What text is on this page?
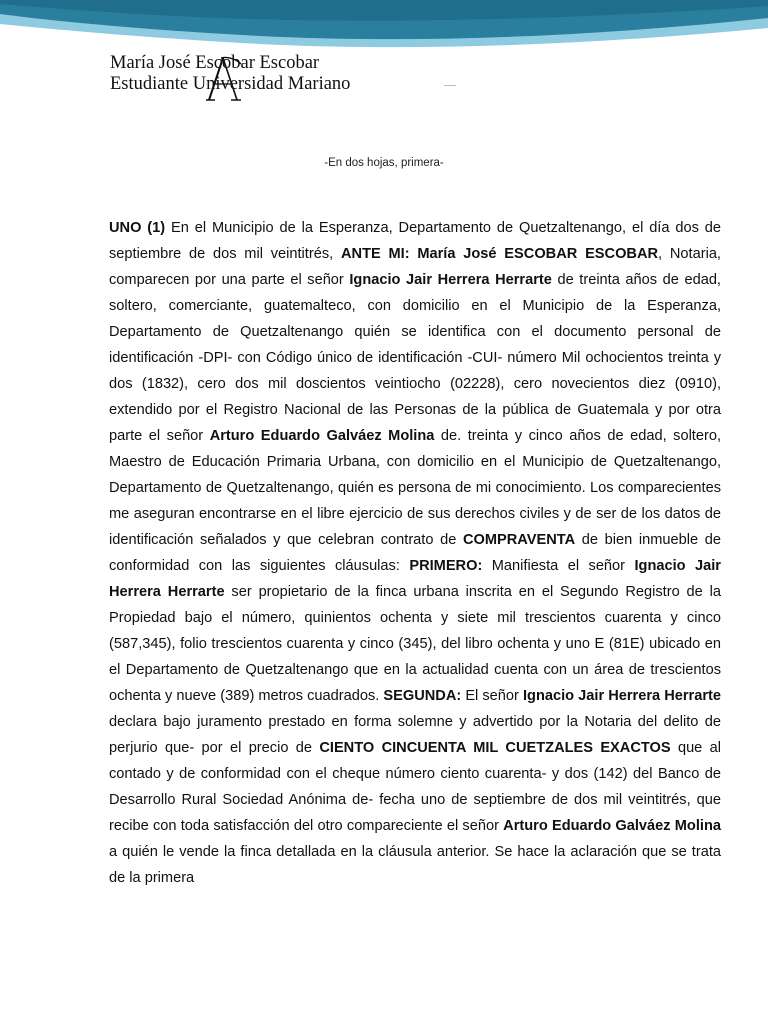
María José Escobar Escobar
Estudiante Universidad Mariano
-En dos hojas, primera-
UNO (1) En el Municipio de la Esperanza, Departamento de Quetzaltenango, el día dos de septiembre de dos mil veintitrés, ANTE MI: María José ESCOBAR ESCOBAR, Notaria, comparecen por una parte el señor Ignacio Jair Herrera Herrarte de treinta años de edad, soltero, comerciante, guatemalteco, con domicilio en el Municipio de la Esperanza, Departamento de Quetzaltenango quién se identifica con el documento personal de identificación -DPI- con Código único de identificación -CUI- número Mil ochocientos treinta y dos (1832), cero dos mil doscientos veintiocho (02228), cero novecientos diez (0910), extendido por el Registro Nacional de las Personas de la pública de Guatemala y por otra parte el señor Arturo Eduardo Galváez Molina de. treinta y cinco años de edad, soltero, Maestro de Educación Primaria Urbana, con domicilio en el Municipio de Quetzaltenango, Departamento de Quetzaltenango, quién es persona de mi conocimiento. Los comparecientes me aseguran encontrarse en el libre ejercicio de sus derechos civiles y de ser de los datos de identificación señalados y que celebran contrato de COMPRAVENTA de bien inmueble de conformidad con las siguientes cláusulas: PRIMERO: Manifiesta el señor Ignacio Jair Herrera Herrarte ser propietario de la finca urbana inscrita en el Segundo Registro de la Propiedad bajo el número, quinientos ochenta y siete mil trescientos cuarenta y cinco (587,345), folio trescientos cuarenta y cinco (345), del libro ochenta y uno E (81E) ubicado en el Departamento de Quetzaltenango que en la actualidad cuenta con un área de trescientos ochenta y nueve (389) metros cuadrados. SEGUNDA: El señor Ignacio Jair Herrera Herrarte declara bajo juramento prestado en forma solemne y advertido por la Notaria del delito de perjurio que- por el precio de CIENTO CINCUENTA MIL CUETZALES EXACTOS que al contado y de conformidad con el cheque número ciento cuarenta- y dos (142) del Banco de Desarrollo Rural Sociedad Anónima de- fecha uno de septiembre de dos mil veintitrés, que recibe con toda satisfacción del otro compareciente el señor Arturo Eduardo Galváez Molina a quién le vende la finca detallada en la cláusula anterior. Se hace la aclaración que se trata de la primera
